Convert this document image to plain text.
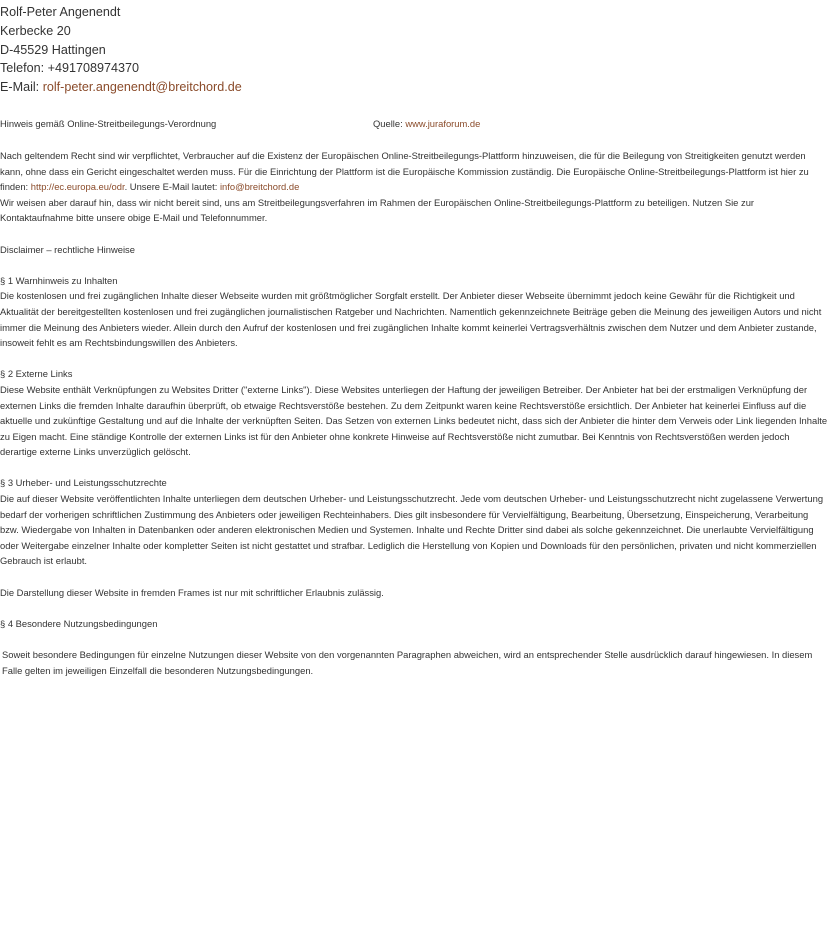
Rolf-Peter Angenendt
Kerbecke 20
D-45529 Hattingen
Telefon: +491708974370
E-Mail: rolf-peter.angenendt@breitchord.de
Hinweis gemäß Online-Streitbeilegungs-Verordnung	Quelle: www.juraforum.de

Nach geltendem Recht sind wir verpflichtet, Verbraucher auf die Existenz der Europäischen Online-Streitbeilegungs-Plattform hinzuweisen, die für die Beilegung von Streitigkeiten genutzt werden kann, ohne dass ein Gericht eingeschaltet werden muss. Für die Einrichtung der Plattform ist die Europäische Kommission zuständig. Die Europäische Online-Streitbeilegungs-Plattform ist hier zu finden: http://ec.europa.eu/odr. Unsere E-Mail lautet: info@breitchord.de

Wir weisen aber darauf hin, dass wir nicht bereit sind, uns am Streitbeilegungsverfahren im Rahmen der Europäischen Online-Streitbeilegungs-Plattform zu beteiligen. Nutzen Sie zur Kontaktaufnahme bitte unsere obige E-Mail und Telefonnummer.

Disclaimer – rechtliche Hinweise

§ 1 Warnhinweis zu Inhalten

Die kostenlosen und frei zugänglichen Inhalte dieser Webseite wurden mit größtmöglicher Sorgfalt erstellt. Der Anbieter dieser Webseite übernimmt jedoch keine Gewähr für die Richtigkeit und Aktualität der bereitgestellten kostenlosen und frei zugänglichen journalistischen Ratgeber und Nachrichten. Namentlich gekennzeichnete Beiträge geben die Meinung des jeweiligen Autors und nicht immer die Meinung des Anbieters wieder. Allein durch den Aufruf der kostenlosen und frei zugänglichen Inhalte kommt keinerlei Vertragsverhältnis zwischen dem Nutzer und dem Anbieter zustande, insoweit fehlt es am Rechtsbindungswillen des Anbieters.

§ 2 Externe Links

Diese Website enthält Verknüpfungen zu Websites Dritter ("externe Links"). Diese Websites unterliegen der Haftung der jeweiligen Betreiber. Der Anbieter hat bei der erstmaligen Verknüpfung der externen Links die fremden Inhalte daraufhin überprüft, ob etwaige Rechtsverstöße bestehen. Zu dem Zeitpunkt waren keine Rechtsverstöße ersichtlich. Der Anbieter hat keinerlei Einfluss auf die aktuelle und zukünftige Gestaltung und auf die Inhalte der verknüpften Seiten. Das Setzen von externen Links bedeutet nicht, dass sich der Anbieter die hinter dem Verweis oder Link liegenden Inhalte zu Eigen macht. Eine ständige Kontrolle der externen Links ist für den Anbieter ohne konkrete Hinweise auf Rechtsverstöße nicht zumutbar. Bei Kenntnis von Rechtsverstößen werden jedoch derartige externe Links unverzüglich gelöscht.

§ 3 Urheber- und Leistungsschutzrechte

Die auf dieser Website veröffentlichten Inhalte unterliegen dem deutschen Urheber- und Leistungsschutzrecht. Jede vom deutschen Urheber- und Leistungsschutzrecht nicht zugelassene Verwertung bedarf der vorherigen schriftlichen Zustimmung des Anbieters oder jeweiligen Rechteinhabers. Dies gilt insbesondere für Vervielfältigung, Bearbeitung, Übersetzung, Einspeicherung, Verarbeitung bzw. Wiedergabe von Inhalten in Datenbanken oder anderen elektronischen Medien und Systemen. Inhalte und Rechte Dritter sind dabei als solche gekennzeichnet. Die unerlaubte Vervielfältigung oder Weitergabe einzelner Inhalte oder kompletter Seiten ist nicht gestattet und strafbar. Lediglich die Herstellung von Kopien und Downloads für den persönlichen, privaten und nicht kommerziellen Gebrauch ist erlaubt.

Die Darstellung dieser Website in fremden Frames ist nur mit schriftlicher Erlaubnis zulässig.

§ 4 Besondere Nutzungsbedingungen

Soweit besondere Bedingungen für einzelne Nutzungen dieser Website von den vorgenannten Paragraphen abweichen, wird an entsprechender Stelle ausdrücklich darauf hingewiesen. In diesem Falle gelten im jeweiligen Einzelfall die besonderen Nutzungsbedingungen.
